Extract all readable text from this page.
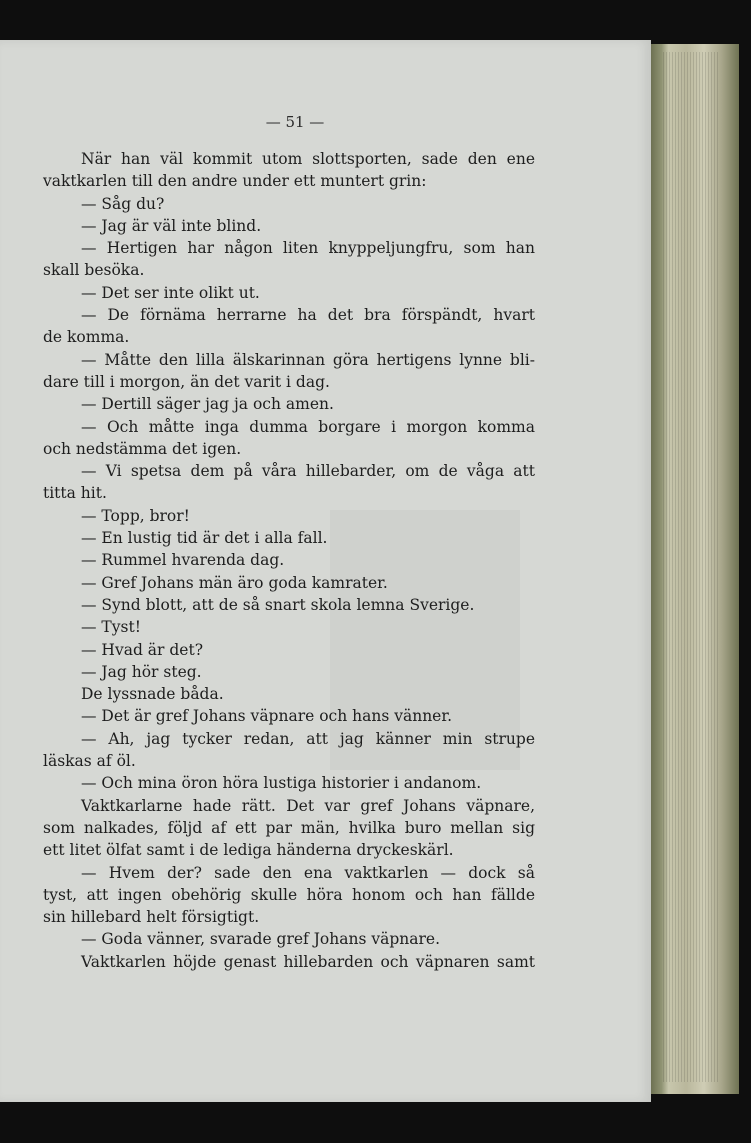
— 51 —
När han väl kommit utom slottsporten, sade den ene
vaktkarlen till den andre under ett muntert grin:
— Såg du?
— Jag är väl inte blind.
— Hertigen har någon liten knyppeljungfru, som han
skall besöka.
— Det ser inte olikt ut.
— De förnäma herrarne ha det bra förspändt, hvart
de komma.
— Måtte den lilla älskarinnan göra hertigens lynne bli-
dare till i morgon, än det varit i dag.
— Dertill säger jag ja och amen.
— Och måtte inga dumma borgare i morgon komma
och nedstämma det igen.
— Vi spetsa dem på våra hillebarder, om de våga att
titta hit.
— Topp, bror!
— En lustig tid är det i alla fall.
— Rummel hvarenda dag.
— Gref Johans män äro goda kamrater.
— Synd blott, att de så snart skola lemna Sverige.
— Tyst!
— Hvad är det?
— Jag hör steg.
De lyssnade båda.
— Det är gref Johans väpnare och hans vänner.
— Ah, jag tycker redan, att jag känner min strupe
läskas af öl.
— Och mina öron höra lustiga historier i andanom.
Vaktkarlarne hade rätt. Det var gref Johans väpnare,
som nalkades, följd af ett par män, hvilka buro mellan sig
ett litet ölfat samt i de lediga händerna dryckeskärl.
— Hvem der? sade den ena vaktkarlen — dock så
tyst, att ingen obehörig skulle höra honom och han fällde
sin hillebard helt försigtigt.
— Goda vänner, svarade gref Johans väpnare.
Vaktkarlen höjde genast hillebarden och väpnaren samt
